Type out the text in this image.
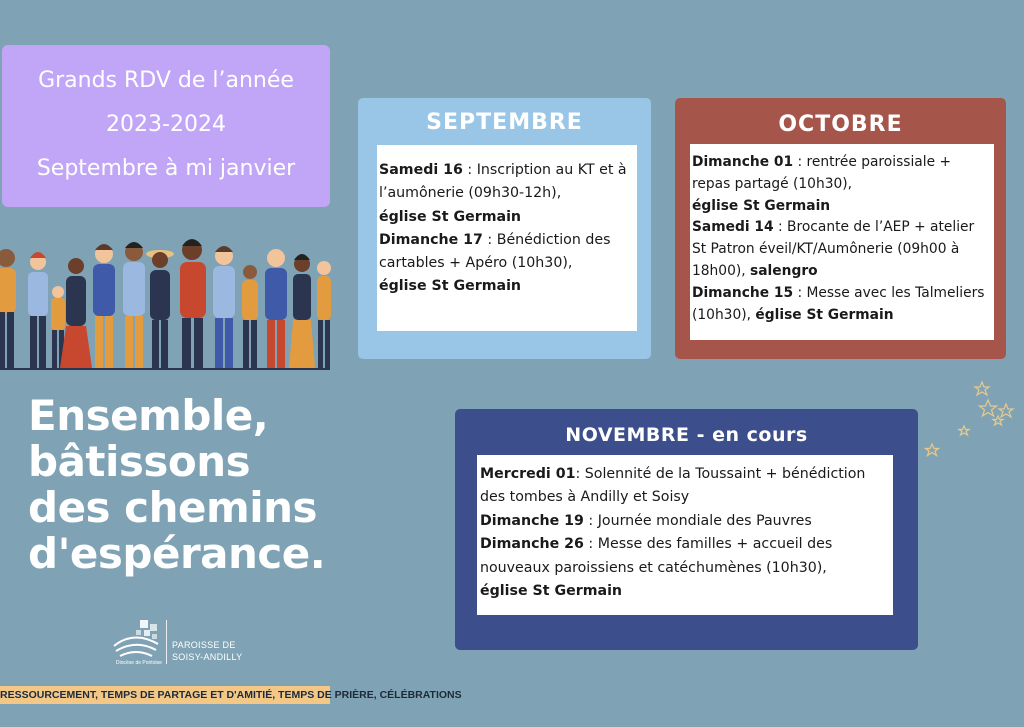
Grands RDV de l’année
2023-2024
Septembre à mi janvier
Ensemble,
bâtissons
des chemins
d'espérance.
Diocèse de Pontoise
PAROISSE DE
SOISY-ANDILLY
RESSOURCEMENT, TEMPS DE PARTAGE ET D'AMITIÉ, TEMPS DE PRIÈRE, CÉLÉBRATIONS
SEPTEMBRE
Samedi 16 : Inscription au KT et à l’aumônerie (09h30-12h),
église St Germain
Dimanche 17 : Bénédiction des cartables + Apéro (10h30),
église St Germain
OCTOBRE
Dimanche 01 : rentrée paroissiale + repas partagé (10h30),
église St Germain
Samedi 14 : Brocante de l’AEP + atelier St Patron éveil/KT/Aumônerie (09h00 à 18h00), salengro
Dimanche 15 : Messe avec les Talmeliers (10h30), église St Germain
NOVEMBRE - en cours
Mercredi 01: Solennité de la Toussaint + bénédiction des tombes à Andilly et Soisy
Dimanche 19 : Journée mondiale des Pauvres
Dimanche 26 : Messe des familles + accueil des nouveaux paroissiens et catéchumènes (10h30),
église St Germain
